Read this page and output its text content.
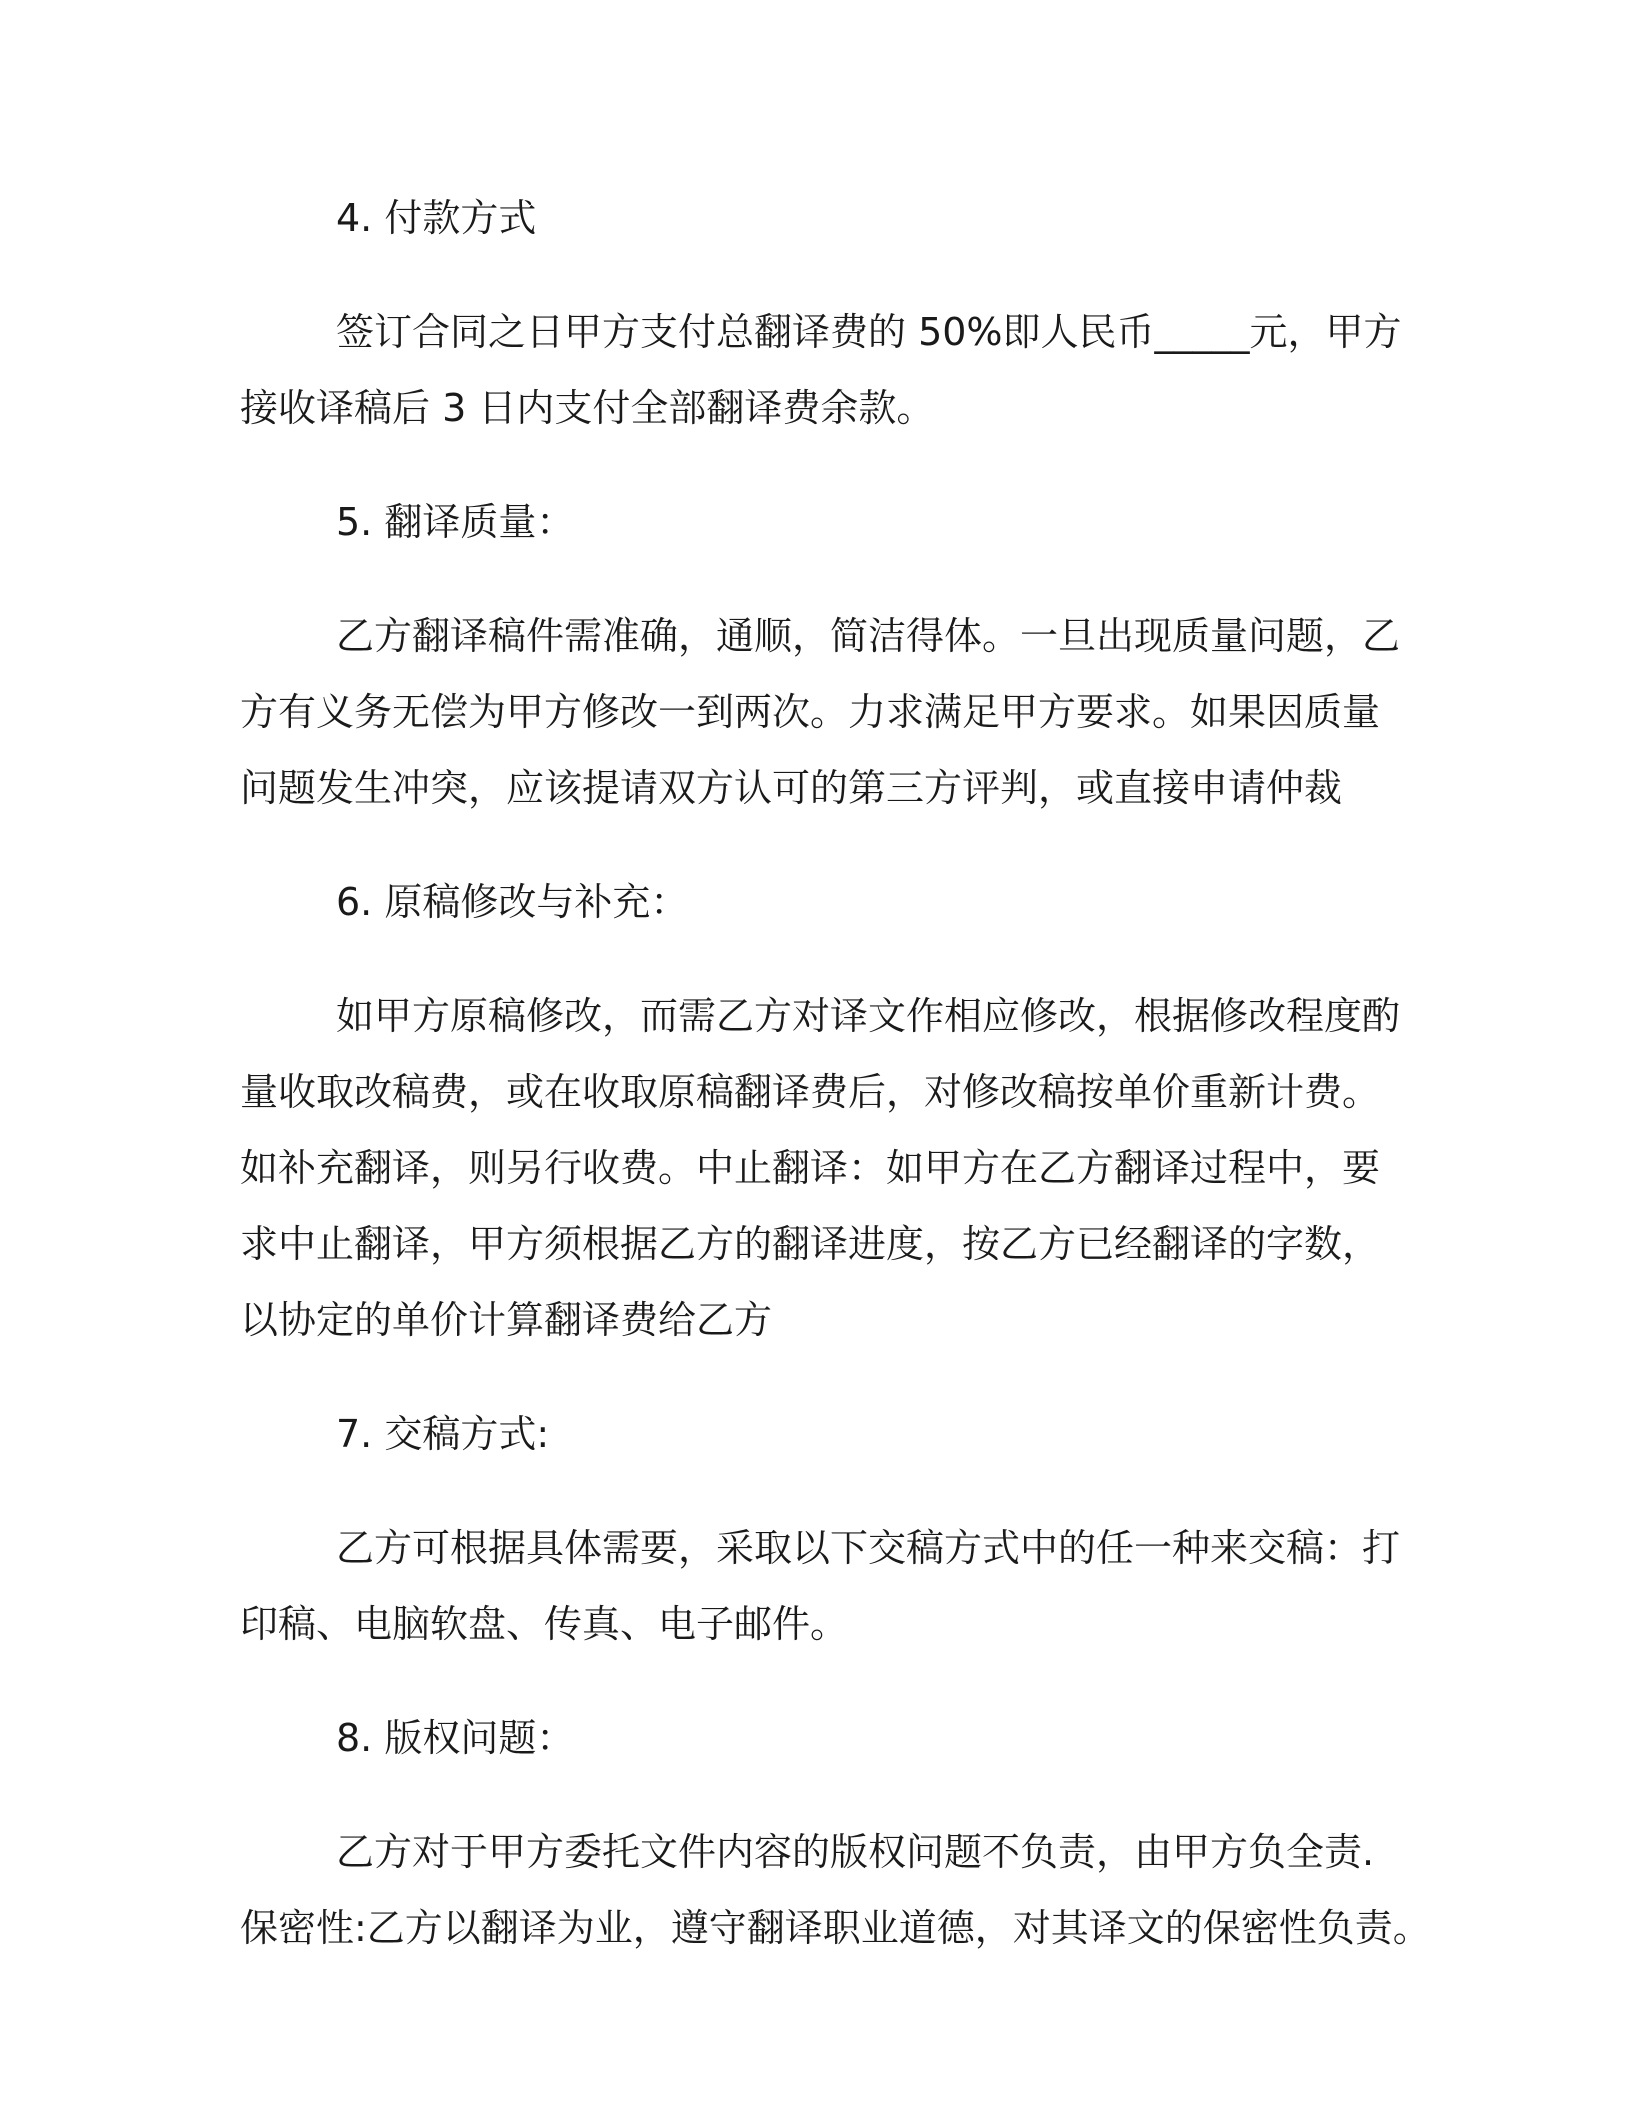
4. 付款方式
签订合同之日甲方支付总翻译费的 50%即人民币_____元，甲方
接收译稿后 3 日内支付全部翻译费余款。
5. 翻译质量：
乙方翻译稿件需准确，通顺，简洁得体。一旦出现质量问题，乙
方有义务无偿为甲方修改一到两次。力求满足甲方要求。如果因质量
问题发生冲突，应该提请双方认可的第三方评判，或直接申请仲裁
6. 原稿修改与补充：
如甲方原稿修改，而需乙方对译文作相应修改，根据修改程度酌
量收取改稿费，或在收取原稿翻译费后，对修改稿按单价重新计费。
如补充翻译，则另行收费。中止翻译：如甲方在乙方翻译过程中，要
求中止翻译，甲方须根据乙方的翻译进度，按乙方已经翻译的字数，
以协定的单价计算翻译费给乙方
7. 交稿方式:
乙方可根据具体需要，采取以下交稿方式中的任一种来交稿：打
印稿、电脑软盘、传真、电子邮件。
8. 版权问题：
乙方对于甲方委托文件内容的版权问题不负责，由甲方负全责.
保密性:乙方以翻译为业，遵守翻译职业道德，对其译文的保密性负责。
